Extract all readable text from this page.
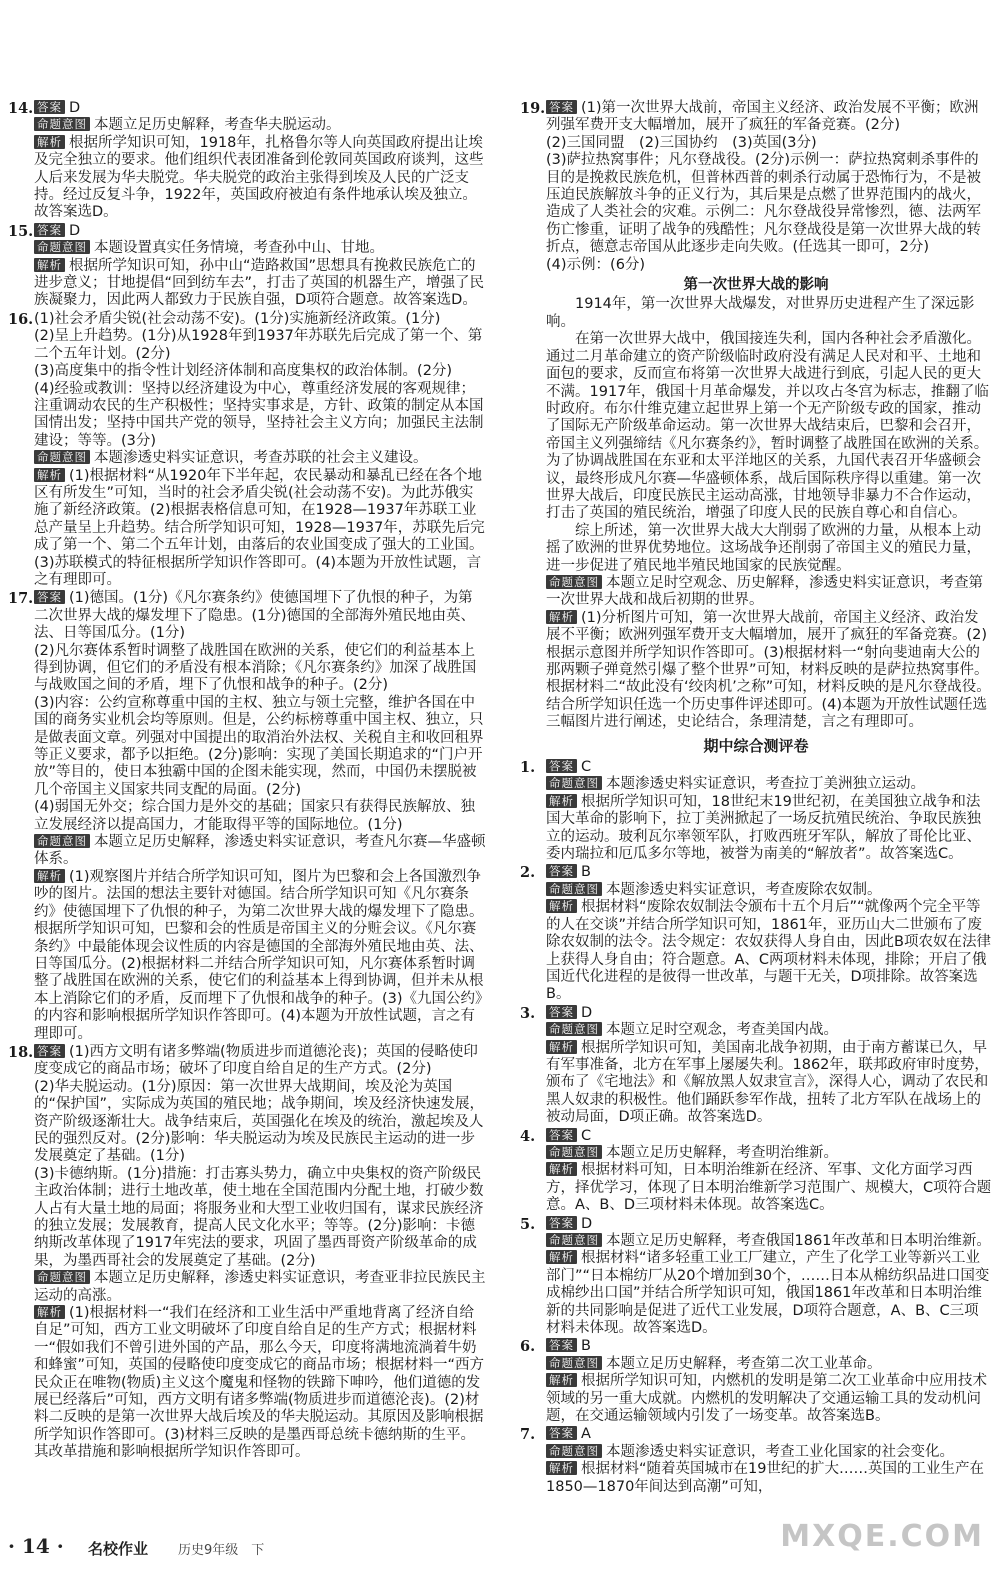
14. 答案 D
命题意图 本题立足历史解释，考查华夫脱运动。
解析 根据所学知识可知，1918年，扎格鲁尔等人向英国政府提出让埃及完全独立的要求。他们组织代表团准备到伦敦同英国政府谈判，这些人后来发展为华夫脱党。华夫脱党的政治主张得到埃及人民的广泛支持。经过反复斗争，1922年，英国政府被迫有条件地承认埃及独立。故答案选D。
15. 答案 D
命题意图 本题设置真实任务情境，考查孙中山、甘地。
解析 根据所学知识可知，孙中山“造路救国”思想具有挽救民族危亡的进步意义；甘地提倡“回到纺车去”，打击了英国的机器生产，增强了民族凝聚力，因此两人都致力于民族自强，D项符合题意。故答案选D。
16. (1)社会矛盾尖锐(社会动荡不安)。(1分)实施新经济政策。(1分)
(2)呈上升趋势。(1分)从1928年到1937年苏联先后完成了第一个、第二个五年计划。(2分)
(3)高度集中的指令性计划经济体制和高度集权的政治体制。(2分)
(4)经验或教训：坚持以经济建设为中心，尊重经济发展的客观规律；注重调动农民的生产积极性；坚持实事求是，方针、政策的制定从本国国情出发；坚持中国共产党的领导，坚持社会主义方向；加强民主法制建设；等等。(3分)
命题意图 本题渗透史料实证意识，考查苏联的社会主义建设。
解析 (1)根据材料“从1920年下半年起，农民暴动和暴乱已经在各个地区有所发生”可知，当时的社会矛盾尖锐(社会动荡不安)。为此苏俄实施了新经济政策。(2)根据表格信息可知，在1928—1937年苏联工业总产量呈上升趋势。结合所学知识可知，1928—1937年，苏联先后完成了第一个、第二个五年计划，由落后的农业国变成了强大的工业国。(3)苏联模式的特征根据所学知识作答即可。(4)本题为开放性试题，言之有理即可。
17. 答案 (1)德国。(1分)《凡尔赛条约》使德国埋下了仇恨的种子，为第二次世界大战的爆发埋下了隐患。(1分)德国的全部海外殖民地由英、法、日等国瓜分。(1分)
(2)凡尔赛体系暂时调整了战胜国在欧洲的关系，使它们的利益基本上得到协调，但它们的矛盾没有根本消除；《凡尔赛条约》加深了战胜国与战败国之间的矛盾，埋下了仇恨和战争的种子。(2分)
(3)内容：公约宣称尊重中国的主权、独立与领土完整，维护各国在中国的商务实业机会均等原则。但是，公约标榜尊重中国主权、独立，只是做表面文章。列强对中国提出的取消治外法权、关税自主和收回租界等正义要求，都予以拒绝。(2分)影响：实现了美国长期追求的“门户开放”等目的，使日本独霸中国的企图未能实现，然而，中国仍未摆脱被几个帝国主义国家共同支配的局面。(2分)
(4)弱国无外交；综合国力是外交的基础；国家只有获得民族解放、独立发展经济以提高国力，才能取得平等的国际地位。(1分)
命题意图 本题立足历史解释，渗透史料实证意识，考查凡尔赛—华盛顿体系。
解析 (1)观察图片并结合所学知识可知，图片为巴黎和会上各国激烈争吵的图片。法国的想法主要针对德国。结合所学知识可知《凡尔赛条约》使德国埋下了仇恨的种子，为第二次世界大战的爆发埋下了隐患。根据所学知识可知，巴黎和会的性质是帝国主义的分赃会议。《凡尔赛条约》中最能体现会议性质的内容是德国的全部海外殖民地由英、法、日等国瓜分。(2)根据材料二并结合所学知识可知，凡尔赛体系暂时调整了战胜国在欧洲的关系，使它们的利益基本上得到协调，但并未从根本上消除它们的矛盾，反而埋下了仇恨和战争的种子。(3)《九国公约》的内容和影响根据所学知识作答即可。(4)本题为开放性试题，言之有理即可。
18. 答案 (1)西方文明有诸多弊端(物质进步而道德沦丧)；英国的侵略使印度变成它的商品市场；破坏了印度自给自足的生产方式。(2分)
(2)华夫脱运动。(1分)原因：第一次世界大战期间，埃及沦为英国的“保护国”，实际成为英国的殖民地；战争期间，埃及经济快速发展，资产阶级逐渐壮大。战争结束后，英国强化在埃及的统治，激起埃及人民的强烈反对。(2分)影响：华夫脱运动为埃及民族民主运动的进一步发展奠定了基础。(1分)
(3)卡德纳斯。(1分)措施：打击寡头势力，确立中央集权的资产阶级民主政治体制；进行土地改革，使土地在全国范围内分配土地，打破少数人占有大量土地的局面；将服务业和大型工业收归国有，谋求民族经济的独立发展；发展教育，提高人民文化水平；等等。(2分)影响：卡德纳斯改革体现了1917年宪法的要求，巩固了墨西哥资产阶级革命的成果，为墨西哥社会的发展奠定了基础。(2分)
命题意图 本题立足历史解释，渗透史料实证意识，考查亚非拉民族民主运动的高涨。
解析 (1)根据材料一“我们在经济和工业生活中严重地背离了经济自给自足”可知，西方工业文明破坏了印度自给自足的生产方式；根据材料一“假如我们不曾引进外国的产品，那么今天，印度将满地流淌着牛奶和蜂蜜”可知，英国的侵略使印度变成它的商品市场；根据材料一“西方民众正在唯物(物质)主义这个魔鬼和怪物的铁蹄下呻吟，他们道德的发展已经落后”可知，西方文明有诸多弊端(物质进步而道德沦丧)。(2)材料二反映的是第一次世界大战后埃及的华夫脱运动。其原因及影响根据所学知识作答即可。(3)材料三反映的是墨西哥总统卡德纳斯的生平。其改革措施和影响根据所学知识作答即可。
19. 答案 (1)第一次世界大战前，帝国主义经济、政治发展不平衡；欧洲列强军费开支大幅增加，展开了疯狂的军备竞赛。(2分)
(2)三国同盟　(2)三国协约　(3)英国(3分)
(3)萨拉热窝事件；凡尔登战役。(2分)示例一：萨拉热窝刺杀事件的目的是挽救民族危机，但普林西普的刺杀行动属于恐怖行为，不是被压迫民族解放斗争的正义行为，其后果是点燃了世界范围内的战火，造成了人类社会的灾难。示例二：凡尔登战役异常惨烈，德、法两军伤亡惨重，证明了战争的残酷性；凡尔登战役是第一次世界大战的转折点，德意志帝国从此逐步走向失败。(任选其一即可，2分)
(4)示例：(6分)
第一次世界大战的影响
1914年，第一次世界大战爆发，对世界历史进程产生了深远影响。
在第一次世界大战中，俄国接连失利，国内各种社会矛盾激化。通过二月革命建立的资产阶级临时政府没有满足人民对和平、土地和面包的要求，反而宣布将第一次世界大战进行到底，引起人民的更大不满。1917年，俄国十月革命爆发，并以攻占冬宫为标志，推翻了临时政府。布尔什维克建立起世界上第一个无产阶级专政的国家，推动了国际无产阶级革命运动。第一次世界大战结束后，巴黎和会召开，帝国主义列强缔结《凡尔赛条约》，暂时调整了战胜国在欧洲的关系。为了协调战胜国在东亚和太平洋地区的关系，九国代表召开华盛顿会议，最终形成凡尔赛—华盛顿体系，战后国际秩序得以重建。第一次世界大战后，印度民族民主运动高涨，甘地领导非暴力不合作运动，打击了英国的殖民统治，增强了印度人民的民族自尊心和自信心。
综上所述，第一次世界大战大大削弱了欧洲的力量，从根本上动摇了欧洲的世界优势地位。这场战争还削弱了帝国主义的殖民力量，进一步促进了殖民地半殖民地国家的民族觉醒。
命题意图 本题立足时空观念、历史解释，渗透史料实证意识，考查第一次世界大战和战后初期的世界。
解析 (1)分析图片可知，第一次世界大战前，帝国主义经济、政治发展不平衡；欧洲列强军费开支大幅增加，展开了疯狂的军备竞赛。(2)根据示意图并所学知识作答即可。(3)根据材料一“射向斐迪南大公的那两颗子弹竟然引爆了整个世界”可知，材料反映的是萨拉热窝事件。根据材料二“故此没有‘绞肉机’之称”可知，材料反映的是凡尔登战役。结合所学知识任选一个历史事件评述即可。(4)本题为开放性试题任选三幅图片进行阐述，史论结合，条理清楚，言之有理即可。
期中综合测评卷
1. 答案 C
命题意图 本题渗透史料实证意识，考查拉丁美洲独立运动。
解析 根据所学知识可知，18世纪末19世纪初，在美国独立战争和法国大革命的影响下，拉丁美洲掀起了一场反抗殖民统治、争取民族独立的运动。玻利瓦尔率领军队，打败西班牙军队，解放了哥伦比亚、委内瑞拉和厄瓜多尔等地，被誉为南美的“解放者”。故答案选C。
2. 答案 B
命题意图 本题渗透史料实证意识，考查废除农奴制。
解析 根据材料“废除农奴制法令颁布十五个月后”“就像两个完全平等的人在交谈”并结合所学知识可知，1861年，亚历山大二世颁布了废除农奴制的法令。法令规定：农奴获得人身自由，因此B项农奴在法律上获得人身自由；符合题意。A、C两项材料未体现，排除；开启了俄国近代化进程的是彼得一世改革，与题干无关，D项排除。故答案选B。
3. 答案 D
命题意图 本题立足时空观念，考查美国内战。
解析 根据所学知识可知，美国南北战争初期，由于南方蓄谋已久，早有军事准备，北方在军事上屡屡失利。1862年，联邦政府审时度势，颁布了《宅地法》和《解放黑人奴隶宣言》，深得人心，调动了农民和黑人奴隶的积极性。他们踊跃参军作战，扭转了北方军队在战场上的被动局面，D项正确。故答案选D。
4. 答案 C
命题意图 本题立足历史解释，考查明治维新。
解析 根据材料可知，日本明治维新在经济、军事、文化方面学习西方，择优学习，体现了日本明治维新学习范围广、规模大，C项符合题意。A、B、D三项材料未体现。故答案选C。
5. 答案 D
命题意图 本题立足历史解释，考查俄国1861年改革和日本明治维新。
解析 根据材料“诸多轻重工业工厂建立，产生了化学工业等新兴工业部门”“日本棉纺厂从20个增加到30个，……日本从棉纺织品进口国变成棉纱出口国”并结合所学知识可知，俄国1861年改革和日本明治维新的共同影响是促进了近代工业发展，D项符合题意，A、B、C三项材料未体现。故答案选D。
6. 答案 B
命题意图 本题立足历史解释，考查第二次工业革命。
解析 根据所学知识可知，内燃机的发明是第二次工业革命中应用技术领域的另一重大成就。内燃机的发明解决了交通运输工具的发动机问题，在交通运输领域内引发了一场变革。故答案选B。
7. 答案 A
命题意图 本题渗透史料实证意识，考查工业化国家的社会变化。
解析 根据材料“随着英国城市在19世纪的扩大……英国的工业生产在1850—1870年间达到高潮”可知，
· 14 · 名校作业 历史9年级　下	MXQE.COM
